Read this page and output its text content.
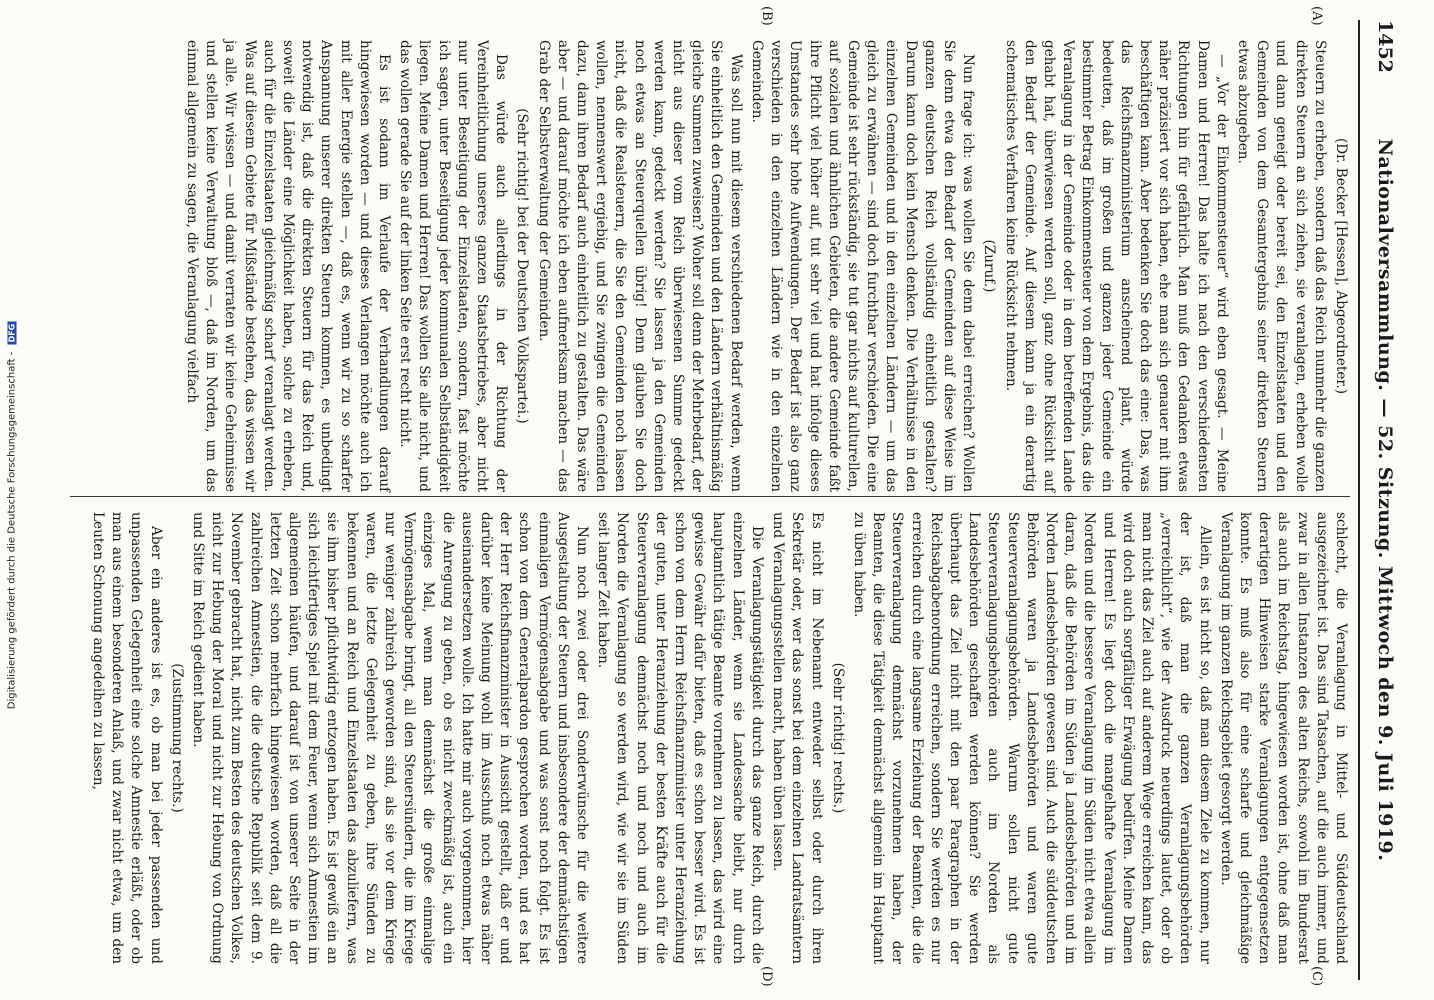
1452
Nationalversammlung. — 52. Sitzung. Mittwoch den 9. Juli 1919.
(A)
(B)
(C)
(D)

(Dr. Becker [Hessen], Abgeordneter.)

Steuern zu erheben, sondern daß das Reich nunmehr die ganzen direkten Steuern an sich ziehen, sie veranlagen, erheben wolle und dann geneigt oder bereit sei, den Einzelstaaten und den Gemeinden von dem Gesamtergebnis seiner direkten Steuern etwas abzugeben.

— „Vor der Einkommensteuer“ wird eben gesagt. — Meine Damen und Herren! Das halte ich nach den verschiedensten Richtungen hin für gefährlich. Man muß den Gedanken etwas näher präzisiert vor sich haben, ehe man sich genauer mit ihm beschäftigen kann. Aber bedenken Sie doch das eine: Das, was das Reichsfinanzministerium anscheinend plant, würde bedeuten, daß im großen und ganzen jeder Gemeinde ein bestimmter Betrag Einkommensteuer von dem Ergebnis, das die Veranlagung in der Gemeinde oder in dem betreffenden Lande gehabt hat, überwiesen werden soll, ganz ohne Rücksicht auf den Bedarf der Gemeinde. Auf diesem kann ja ein derartig schematisches Verfahren keine Rücksicht nehmen.

(Zuruf.)

Nun frage ich: was wollen Sie denn dabei erreichen? Wollen Sie denn etwa den Bedarf der Gemeinden auf diese Weise im ganzen deutschen Reich vollständig einheitlich gestalten? Darum kann doch kein Mensch denken. Die Verhältnisse in den einzelnen Gemeinden und in den einzelnen Ländern — um das gleich zu erwähnen — sind doch furchtbar verschieden. Die eine Gemeinde ist sehr rückständig, sie tut gar nichts auf kulturellen, auf sozialen und ähnlichen Gebieten, die andere Gemeinde faßt ihre Pflicht viel höher auf, tut sehr viel und hat infolge dieses Umstandes sehr hohe Aufwendungen. Der Bedarf ist also ganz verschieden in den einzelnen Ländern wie in den einzelnen Gemeinden.

Was soll nun mit diesem verschiedenen Bedarf werden, wenn Sie einheitlich den Gemeinden und den Ländern verhältnismäßig gleiche Summen zuweisen? Woher soll denn der Mehrbedarf, der nicht aus dieser vom Reich überwiesenen Summe gedeckt werden kann, gedeckt werden? Sie lassen ja den Gemeinden noch etwas an Steuerquellen übrig! Denn glauben Sie doch nicht, daß die Realsteuern, die Sie den Gemeinden noch lassen wollen, nennenswert ergiebig, und Sie zwingen die Gemeinden dazu, dann ihren Bedarf auch einheitlich zu gestalten. Das wäre aber — und darauf möchte ich eben aufmerksam machen — das Grab der Selbstverwaltung der Gemeinden.

(Sehr richtig! bei der Deutschen Volkspartei.)

Das würde auch allerdings in der Richtung der Vereinheitlichung unseres ganzen Staatsbetriebes, aber nicht nur unter Beseitigung der Einzelstaaten, sondern, fast möchte ich sagen, unter Beseitigung jeder kommunalen Selbständigkeit liegen. Meine Damen und Herren! Das wollen Sie alle nicht, und das wollen gerade Sie auf der linken Seite erst recht nicht.

Es ist sodann im Verlaufe der Verhandlungen darauf hingewiesen worden — und dieses Verlangen möchte auch ich mit aller Energie stellen —, daß es, wenn wir zu so scharfer Anspannung unserer direkten Steuern kommen, es unbedingt notwendig ist, daß die direkten Steuern für das Reich und, soweit die Länder eine Möglichkeit haben, solche zu erheben, auch für die Einzelstaaten gleichmäßig scharf veranlagt werden. Was auf diesem Gebiete für Mißstände bestehen, das wissen wir ja alle. Wir wissen — und damit verraten wir keine Geheimnisse und stellen keine Verwaltung bloß —, daß im Norden, um das einmal allgemein zu sagen, die Veranlagung vielfach

schlecht, die Veranlagung in Mittel- und Süddeutschland ausgezeichnet ist. Das sind Tatsachen, auf die auch immer, und zwar in allen Instanzen des alten Reichs, sowohl im Bundesrat als auch im Reichstag, hingewiesen worden ist, ohne daß man derartigen Hinweisen starke Veranlagungen entgegensetzen konnte. Es muß also für eine scharfe und gleichmäßige Veranlagung im ganzen Reichsgebiet gesorgt werden.

Allein, es ist nicht so, daß man diesem Ziele zu kommen, nur der ist, daß man die ganzen Veranlagungsbehörden „verreichlicht“, wie der Ausdruck neuerdings lautet, oder ob man nicht das Ziel auch auf anderem Wege erreichen kann, das wird doch auch sorgfältiger Erwägung bedürfen. Meine Damen und Herren! Es liegt doch die mangelhafte Veranlagung im Norden und die bessere Veranlagung im Süden nicht etwa allein daran, daß die Behörden im Süden ja Landesbehörden und im Norden Landesbehörden gewesen sind. Auch die süddeutschen Behörden waren ja Landesbehörden und waren gute Steuerveranlagungsbehörden. Warum sollen nicht gute Steuerveranlagungsbehörden auch im Norden als Landesbehörden geschaffen werden können? Sie werden überhaupt das Ziel nicht mit den paar Paragraphen in der Reichsabgabenordnung erreichen, sondern Sie werden es nur erreichen durch eine langsame Erziehung der Beamten, die die Steuerveranlagung demnächst vorzunehmen haben, der Beamten, die diese Tätigkeit demnächst allgemein im Hauptamt zu üben haben.

(Sehr richtig! rechts.)

Es nicht im Nebenamt entweder selbst oder durch ihren Sekretär oder, wer das sonst bei dem einzelnen Landratsämtern und Veranlagungsstellen macht, haben üben lassen.

Die Veranlagungstätigkeit durch das ganze Reich, durch die einzelnen Länder, wenn sie Landessache bleibt, nur durch hauptamtlich tätige Beamte vornehmen zu lassen, das wird eine gewisse Gewähr dafür bieten, daß es schon besser wird. Es ist schon von dem Herrn Reichsfinanzminister unter Heranziehung der guten, unter Heranziehung der besten Kräfte auch für die Steuerveranlagung demnächst noch und noch und auch im Norden die Veranlagung so werden wird, wie wir sie im Süden seit langer Zeit haben.

Nun noch zwei oder drei Sonderwünsche für die weitere Ausgestaltung der Steuern und insbesondere der demnächstigen einmaligen Vermögensabgabe und was sonst noch folgt. Es ist schon von dem Generalpardon gesprochen worden, und es hat der Herr Reichsfinanzminister in Aussicht gestellt, daß er und darüber keine Meinung wohl im Ausschuß noch etwas näher auseinandersetzen wolle. Ich hatte mir auch vorgenommen, hier die Anregung zu geben, ob es nicht zweckmäßig ist, auch ein einziges Mal, wenn man demnächst die große einmalige Vermögensabgabe bringt, all den Steuersündern, die im Kriege nur weniger zahlreich geworden sind, als sie vor dem Kriege waren, die letzte Gelegenheit zu geben, ihre Sünden zu bekennen und an Reich und Einzelstaaten das abzuliefern, was sie ihm bisher pflichtwidrig entzogen haben. Es ist gewiß ein an sich leichtfertiges Spiel mit dem Feuer, wenn sich Amnestien im allgemeinen häufen, und darauf ist von unserer Seite in der letzten Zeit schon mehrfach hingewiesen worden, daß all die zahlreichen Amnestien, die die deutsche Republik seit dem 9. November gebracht hat, nicht zum Besten des deutschen Volkes, nicht zur Hebung der Moral und nicht zur Hebung von Ordnung und Sitte im Reich gedient haben.

(Zustimmung rechts.)

Aber ein anderes ist es, ob man bei jeder passenden und unpassenden Gelegenheit eine solche Amnestie erläßt, oder ob man aus einem besonderen Anlaß, und zwar nicht etwa, um den Leuten Schonung angedeihen zu lassen,

Digitalisierung gefördert durch die Deutsche Forschungsgemeinschaft - DFG
